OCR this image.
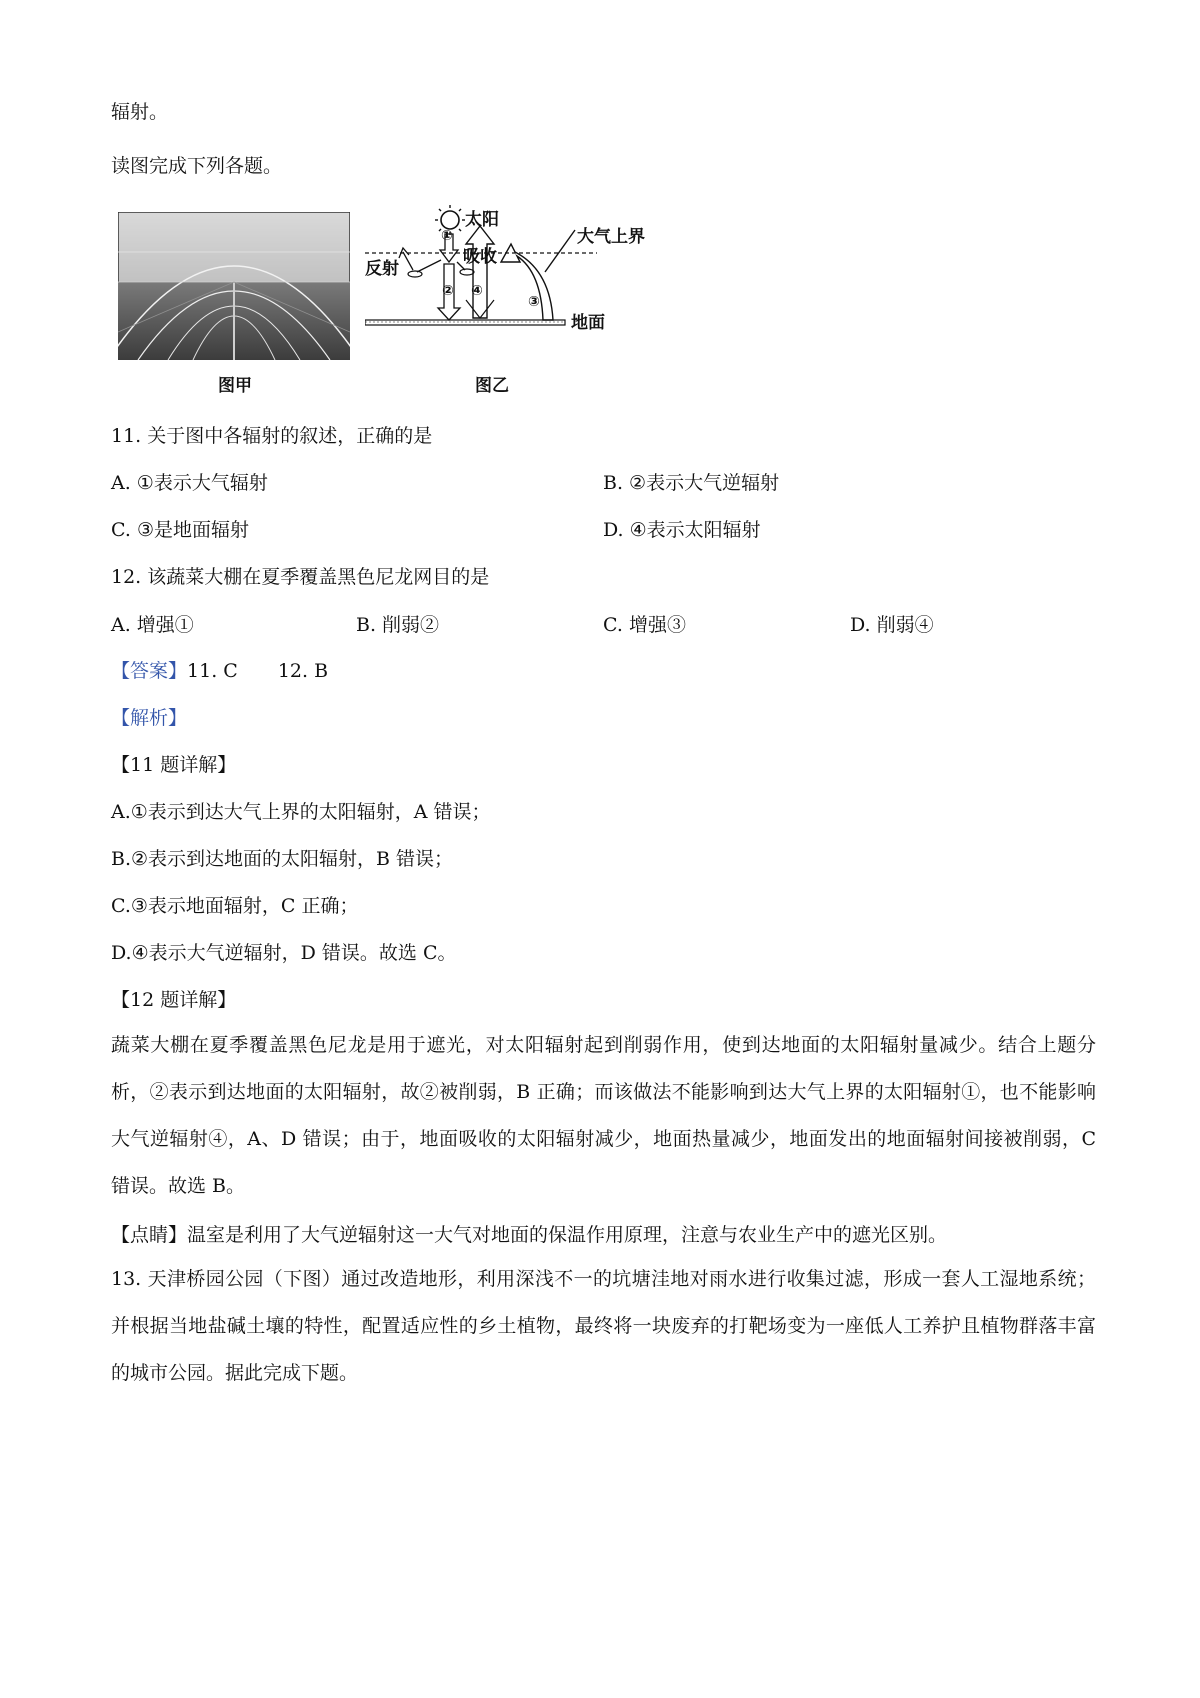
辐射。
读图完成下列各题。
图甲
太阳
大气上界
①
反射
吸收
② ④
③
地面
图乙
11. 关于图中各辐射的叙述，正确的是
A. ①表示大气辐射	B. ②表示大气逆辐射
C. ③是地面辐射	D. ④表示太阳辐射
12. 该蔬菜大棚在夏季覆盖黑色尼龙网目的是
A. 增强①	B. 削弱②	C. 增强③	D. 削弱④
【答案】11. C 12. B
【解析】
【11 题详解】
A.①表示到达大气上界的太阳辐射，A 错误；
B.②表示到达地面的太阳辐射，B 错误；
C.③表示地面辐射，C 正确；
D.④表示大气逆辐射，D 错误。故选 C。
【12 题详解】
蔬菜大棚在夏季覆盖黑色尼龙是用于遮光，对太阳辐射起到削弱作用，使到达地面的太阳辐射量减少。结合上题分析，②表示到达地面的太阳辐射，故②被削弱，B 正确；而该做法不能影响到达大气上界的太阳辐射①，也不能影响大气逆辐射④，A、D 错误；由于，地面吸收的太阳辐射减少，地面热量减少，地面发出的地面辐射间接被削弱，C 错误。故选 B。
【点睛】温室是利用了大气逆辐射这一大气对地面的保温作用原理，注意与农业生产中的遮光区别。
13. 天津桥园公园（下图）通过改造地形，利用深浅不一的坑塘洼地对雨水进行收集过滤，形成一套人工湿地系统；并根据当地盐碱土壤的特性，配置适应性的乡土植物，最终将一块废弃的打靶场变为一座低人工养护且植物群落丰富的城市公园。据此完成下题。
